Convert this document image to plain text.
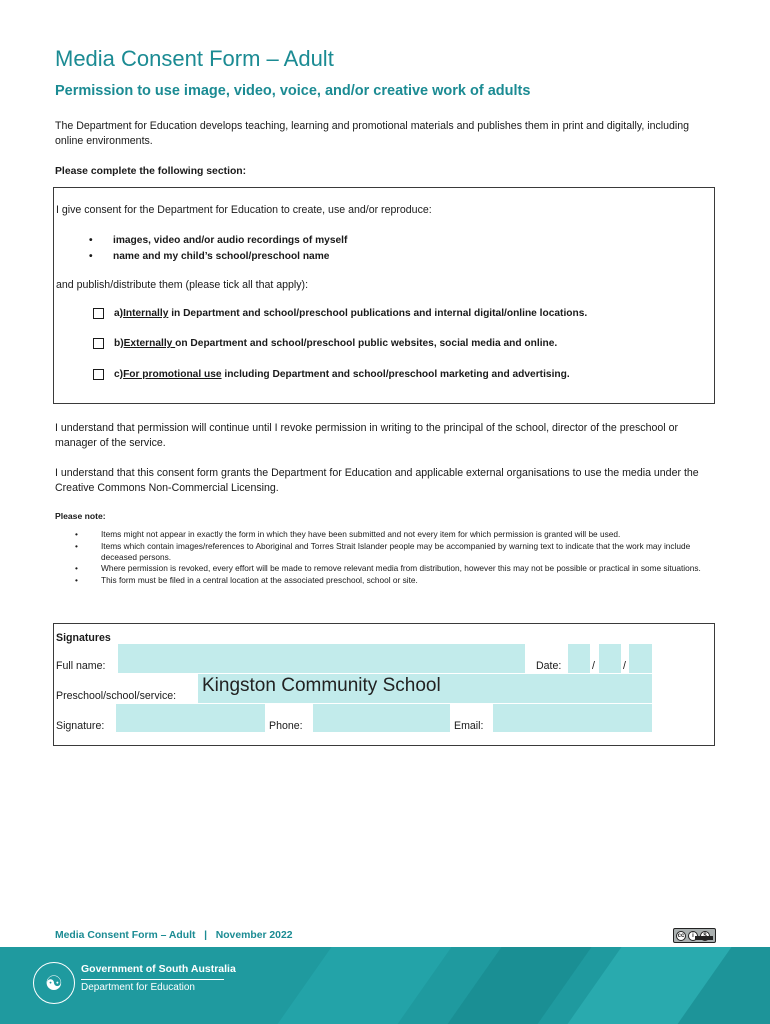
Media Consent Form – Adult
Permission to use image, video, voice, and/or creative work of adults
The Department for Education develops teaching, learning and promotional materials and publishes them in print and digitally, including online environments.
Please complete the following section:
I give consent for the Department for Education to create, use and/or reproduce:
• images, video and/or audio recordings of myself
• name and my child’s school/preschool name
and publish/distribute them (please tick all that apply):
a) Internally in Department and school/preschool publications and internal digital/online locations.
b) Externally on Department and school/preschool public websites, social media and online.
c) For promotional use including Department and school/preschool marketing and advertising.
I understand that permission will continue until I revoke permission in writing to the principal of the school, director of the preschool or manager of the service.
I understand that this consent form grants the Department for Education and applicable external organisations to use the media under the Creative Commons Non-Commercial Licensing.
Please note:
• Items might not appear in exactly the form in which they have been submitted and not every item for which permission is granted will be used.
• Items which contain images/references to Aboriginal and Torres Strait Islander people may be accompanied by warning text to indicate that the work may include deceased persons.
• Where permission is revoked, every effort will be made to remove relevant media from distribution, however this may not be possible or practical in some situations.
• This form must be filed in a central location at the associated preschool, school or site.
Signatures
Full name:	Date:	/	/
Preschool/school/service: Kingston Community School
Signature:	Phone:	Email:
Media Consent Form – Adult   |   November 2022	cc	i
☯
Government of South Australia
Department for Education
